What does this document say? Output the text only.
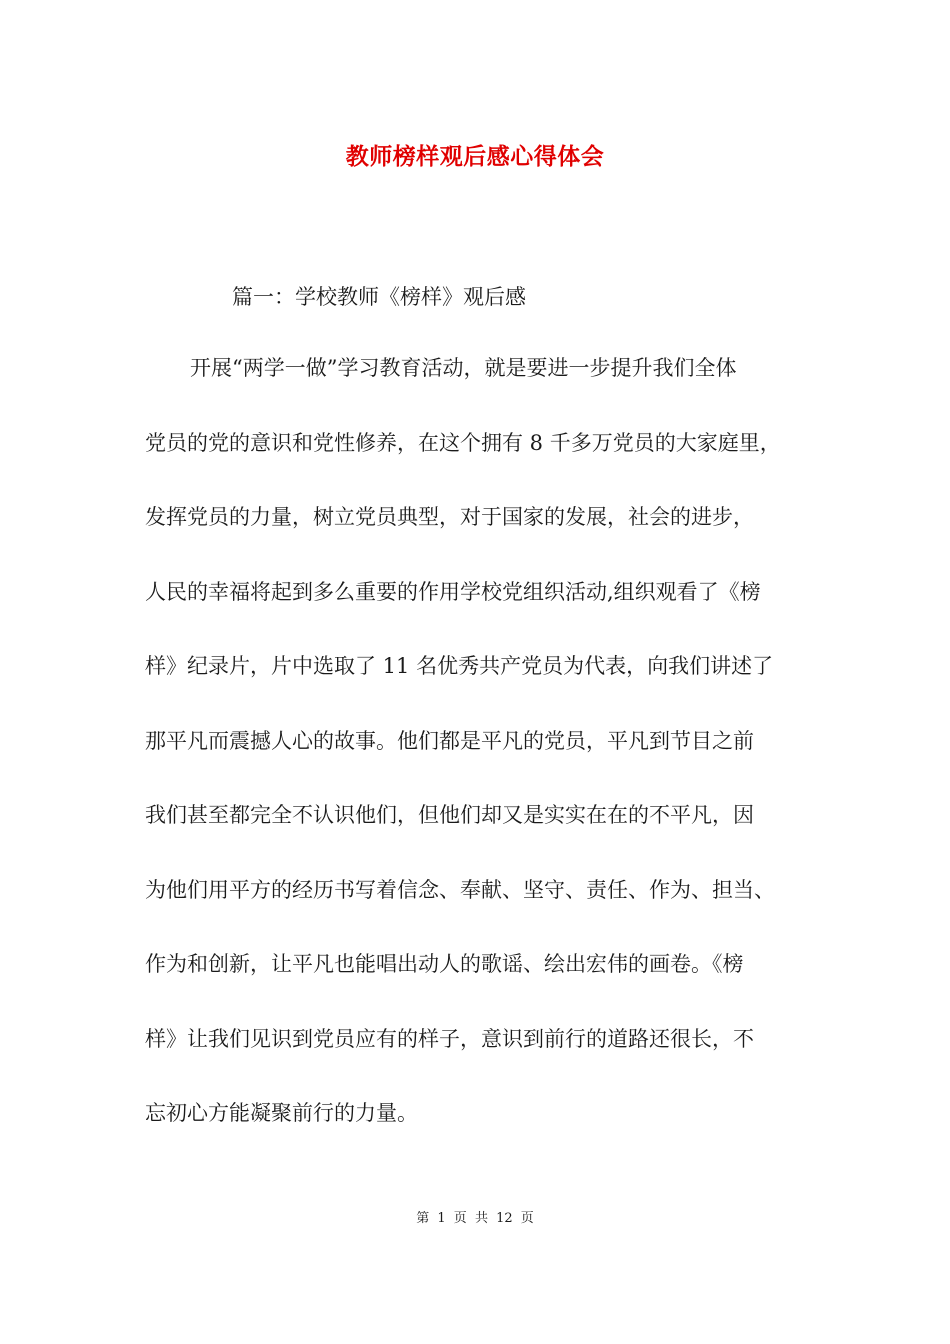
教师榜样观后感心得体会
篇一：学校教师《榜样》观后感
开展“两学一做”学习教育活动，就是要进一步提升我们全体
党员的党的意识和党性修养，在这个拥有 8 千多万党员的大家庭里，
发挥党员的力量，树立党员典型，对于国家的发展，社会的进步，
人民的幸福将起到多么重要的作用学校党组织活动,组织观看了《榜
样》纪录片，片中选取了 11 名优秀共产党员为代表，向我们讲述了
那平凡而震撼人心的故事。他们都是平凡的党员，平凡到节目之前
我们甚至都完全不认识他们，但他们却又是实实在在的不平凡，因
为他们用平方的经历书写着信念、奉献、坚守、责任、作为、担当、
作为和创新，让平凡也能唱出动人的歌谣、绘出宏伟的画卷。《榜
样》让我们见识到党员应有的样子，意识到前行的道路还很长，不
忘初心方能凝聚前行的力量。
第 1 页 共 12 页
